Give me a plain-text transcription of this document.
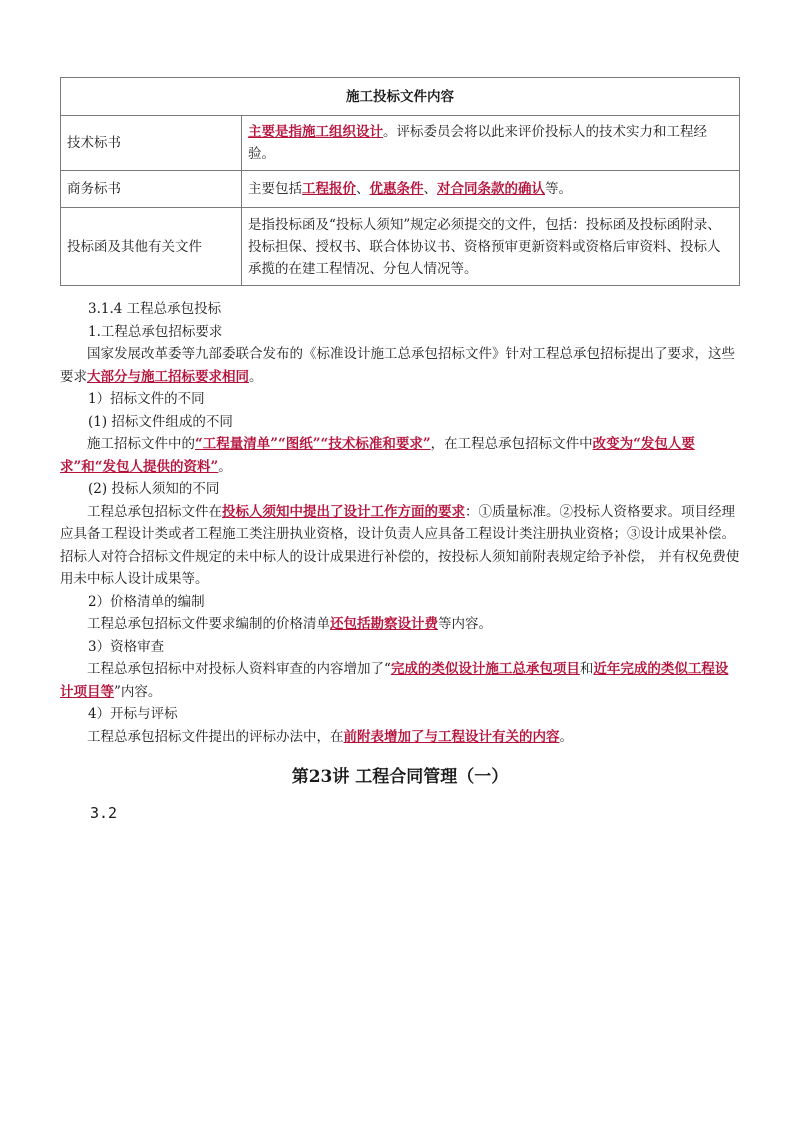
施工投标文件内容	
技术标书	主要是指施工组织设计。评标委员会将以此来评价投标人的技术实力和工程经验。
商务标书	主要包括工程报价、优惠条件、对合同条款的确认等。
投标函及其他有关文件	是指投标函及“投标人须知”规定必须提交的文件，包括：投标函及投标函附录、投标担保、授权书、联合体协议书、资格预审更新资料或资格后审资料、投标人承揽的在建工程情况、分包人情况等。

3.1.4 工程总承包投标

1.工程总承包招标要求

国家发展改革委等九部委联合发布的《标准设计施工总承包招标文件》针对工程总承包招标提出了要求，这些要求大部分与施工招标要求相同。

1）招标文件的不同

(1) 招标文件组成的不同

施工招标文件中的“工程量清单”“图纸”“技术标准和要求”，在工程总承包招标文件中改变为“发包人要求”和“发包人提供的资料”。

(2) 投标人须知的不同

工程总承包招标文件在投标人须知中提出了设计工作方面的要求：①质量标准。②投标人资格要求。项目经理应具备工程设计类或者工程施工类注册执业资格，设计负责人应具备工程设计类注册执业资格；③设计成果补偿。招标人对符合招标文件规定的未中标人的设计成果进行补偿的，按投标人须知前附表规定给予补偿， 并有权免费使用未中标人设计成果等。

2）价格清单的编制

工程总承包招标文件要求编制的价格清单还包括勘察设计费等内容。

3）资格审查

工程总承包招标中对投标人资料审查的内容增加了“完成的类似设计施工总承包项目和近年完成的类似工程设计项目等”内容。

4）开标与评标

工程总承包招标文件提出的评标办法中，在前附表增加了与工程设计有关的内容。

第23讲 工程合同管理（一）
3.2
